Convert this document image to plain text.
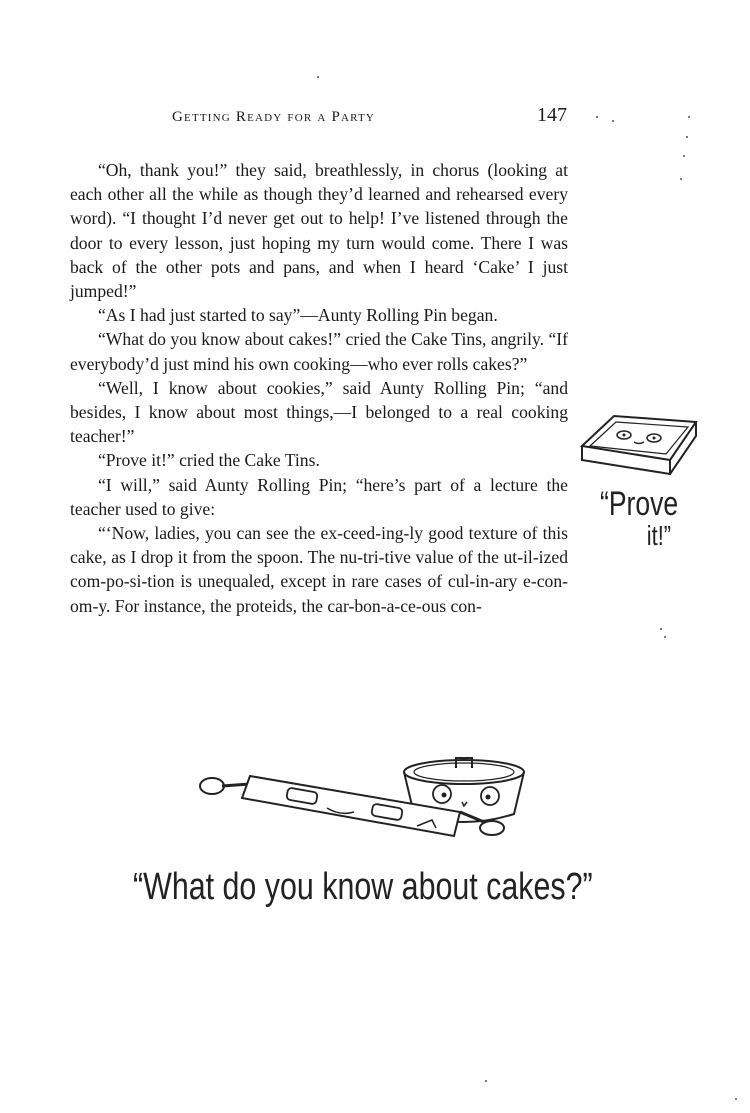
Getting Ready for a Party	147

“Oh, thank you!” they said, breathlessly, in chorus (looking at each other all the while as though they’d learned and rehearsed every word). “I thought I’d never get out to help! I’ve listened through the door to every lesson, just hoping my turn would come. There I was back of the other pots and pans, and when I heard ‘Cake’ I just jumped!”

“As I had just started to say”—Aunty Rolling Pin began.

“What do you know about cakes!” cried the Cake Tins, angrily. “If everybody’d just mind his own cooking—who ever rolls cakes?”

“Well, I know about cookies,” said Aunty Rolling Pin; “and besides, I know about most things,—I belonged to a real cooking teacher!”

“Prove it!” cried the Cake Tins.

“I will,” said Aunty Rolling Pin; “here’s part of a lecture the teacher used to give:

“‘Now, ladies, you can see the ex-ceed-ing-ly good texture of this cake, as I drop it from the spoon. The nu-tri-tive value of the ut-il-ized com-po-si-tion is unequaled, except in rare cases of cul-in-ary e-con-om-y. For instance, the proteids, the car-bon-a-ce-ous con-

“Prove
it!”
“What do you know about cakes?”
